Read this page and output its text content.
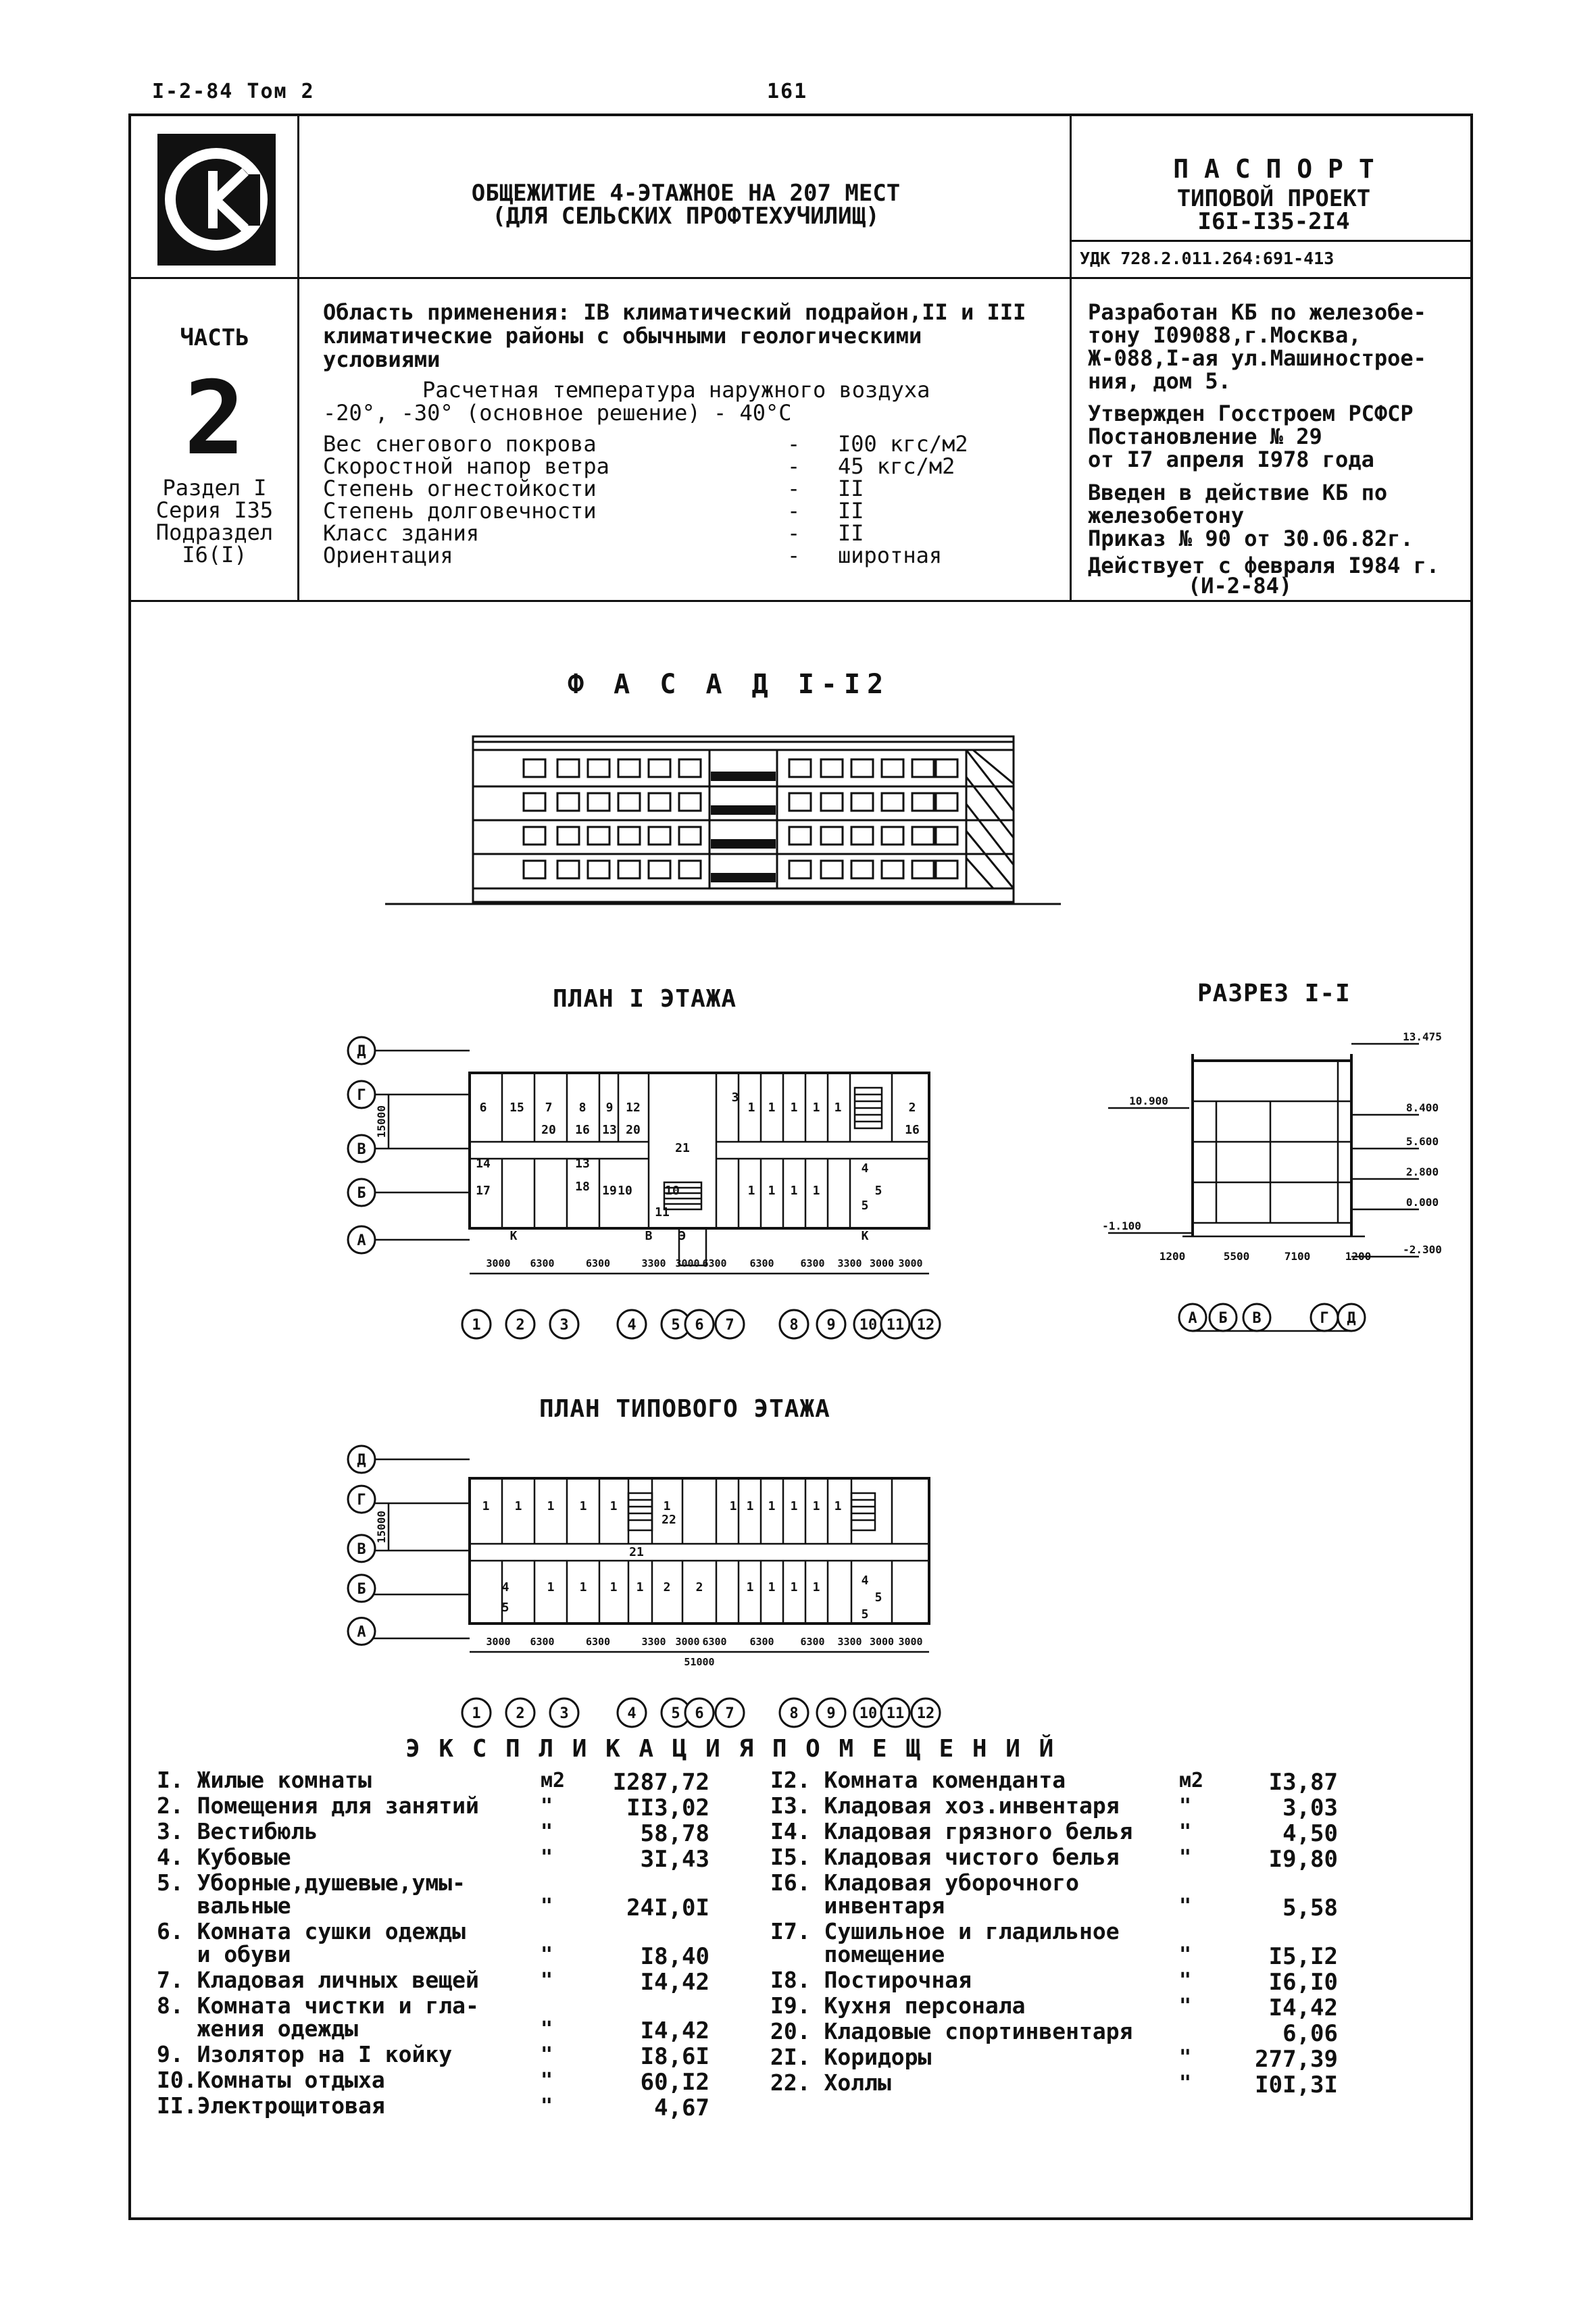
I-2-84 Том 2	161
ОБЩЕЖИТИЕ 4-ЭТАЖНОЕ НА 207 МЕСТ
(ДЛЯ СЕЛЬСКИХ ПРОФТЕХУЧИЛИЩ)
П А С П О Р Т
ТИПОВОЙ ПРОЕКТ
I6I-I35-2I4
УДК 728.2.011.264:691-413
ЧАСТЬ
2
Раздел I
Серия I35
Подраздел
I6(I)
Область применения: IВ климатический подрайон,II и III
климатические районы с обычными геологическими
условиями
Расчетная температура наружного воздуха
-20°, -30° (основное решение) - 40°С
Вес снегового покрова	- I00 кгс/м2
Скоростной напор ветра	- 45 кгс/м2
Степень огнестойкости	- II
Степень долговечности	- II
Класс здания	- II
Ориентация	- широтная
Разработан КБ по железобе-
тону I09088,г.Москва,
Ж-088,I-ая ул.Машинострое-
ния, дом 5.
Утвержден Госстроем РСФСР
Постановление № 29
от I7 апреля I978 года
Введен в действие КБ по
железобетону
Приказ № 90 от 30.06.82г.
Действует с февраля I984 г.
(И-2-84)
Ф А С А Д I-I2
ПЛАН I ЭТАЖА	РАЗРЕЗ I-I
ПЛАН ТИПОВОГО ЭТАЖА
6 15 7 8 9 12
3
1 1 1 1 1	2
20 16 13 20	16
14	13
17	18 19 10	10
11
1 1 1 1
4
5
5
21
Э
К	К
В
Д
Г
В
Б
А
15000
1 2 3	4 5 6 7	8 9 10 11 12
3000 6300	6300	3300 3000 6300 6300	6300 3300 3000 3000
13.475
10.900
8.400
5.600
2.800
0.000
-1.100
-2.300
1200	5500	7100	1200
А Б В	Г Д
1 1 1 1 1	1
22
1 1 1 1 1 1
21
4
5
1 1 1 1 2 2	1 1 1 1	4
5
5
Д
Г
В
Б
А
15000
1 2 3	4 5 6 7	8 9 10 11 12
3000 6300	6300	3300 3000 6300 6300	6300 3300 3000 3000
51000
Э К С П Л И К А Ц И Я П О М Е Щ Е Н И Й
I. Жилые комнаты	м2	I287,72
2. Помещения для занятий	"	II3,02
3. Вестибюль	"	58,78
4. Кубовые	"	3I,43
5. Уборные,душевые,умы-
вальные	"	24I,0I
6. Комната сушки одежды
и обуви	"	I8,40
7. Кладовая личных вещей	"	I4,42
8. Комната чистки и гла-
жения одежды	"	I4,42
9. Изолятор на I койку	"	I8,6I
I0.Комнаты отдыха	"	60,I2
II.Электрощитовая	"	4,67
I2. Комната коменданта	м2	I3,87
I3. Кладовая хоз.инвентаря	"	3,03
I4. Кладовая грязного белья "	4,50
I5. Кладовая чистого белья	"	I9,80
I6. Кладовая уборочного
инвентаря	"	5,58
I7. Сушильное и гладильное
помещение	"	I5,I2
I8. Постирочная	"	I6,I0
I9. Кухня персонала	"	I4,42
20. Кладовые спортинвентаря	6,06
2I. Коридоры	"	277,39
22. Холлы	"	I0I,3I
